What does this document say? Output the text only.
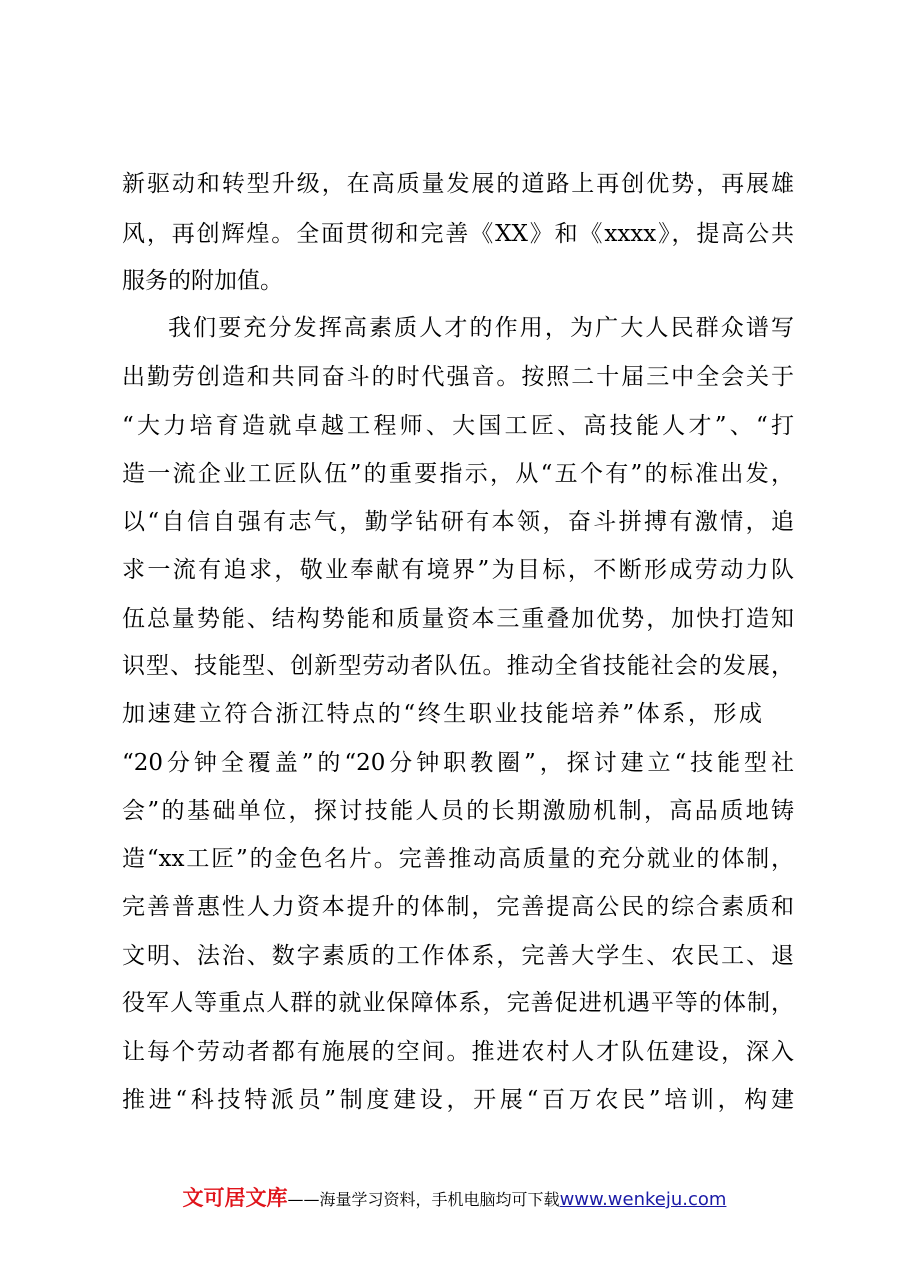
新驱动和转型升级，在高质量发展的道路上再创优势，再展雄
风，再创辉煌。全面贯彻和完善《XX》和《xxxx》，提高公共
服务的附加值。
我们要充分发挥高素质人才的作用，为广大人民群众谱写
出勤劳创造和共同奋斗的时代强音。按照二十届三中全会关于
“大力培育造就卓越工程师、大国工匠、高技能人才”、“打
造一流企业工匠队伍”的重要指示，从“五个有”的标准出发，
以“自信自强有志气，勤学钻研有本领，奋斗拼搏有激情，追
求一流有追求，敬业奉献有境界”为目标，不断形成劳动力队
伍总量势能、结构势能和质量资本三重叠加优势，加快打造知
识型、技能型、创新型劳动者队伍。推动全省技能社会的发展，
加速建立符合浙江特点的“终生职业技能培养”体系，形成
“20分钟全覆盖”的“20分钟职教圈”，探讨建立“技能型社
会”的基础单位，探讨技能人员的长期激励机制，高品质地铸
造“xx工匠”的金色名片。完善推动高质量的充分就业的体制，
完善普惠性人力资本提升的体制，完善提高公民的综合素质和
文明、法治、数字素质的工作体系，完善大学生、农民工、退
役军人等重点人群的就业保障体系，完善促进机遇平等的体制，
让每个劳动者都有施展的空间。推进农村人才队伍建设，深入
推进“科技特派员”制度建设，开展“百万农民”培训，构建
文可居文库——海量学习资料，手机电脑均可下载www.wenkeju.com
